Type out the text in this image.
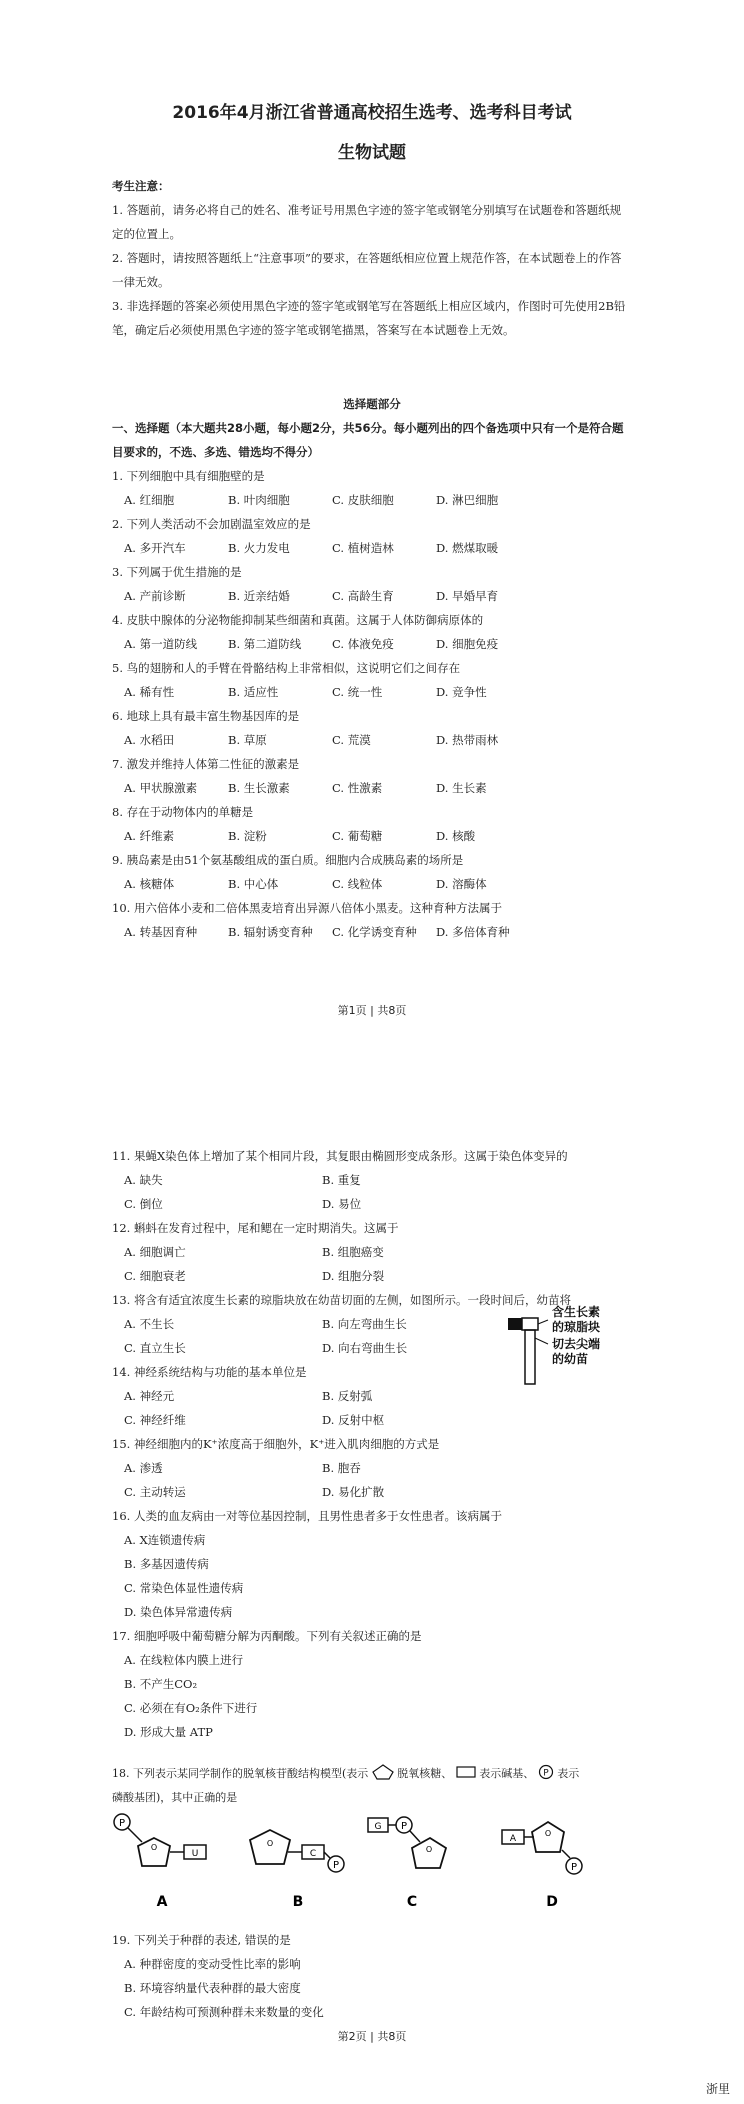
2016年4月浙江省普通高校招生选考、选考科目考试
生物试题
考生注意：
1. 答题前，请务必将自己的姓名、准考证号用黑色字迹的签字笔或钢笔分别填写在试题卷和答题纸规定的位置上。
2. 答题时，请按照答题纸上“注意事项”的要求，在答题纸相应位置上规范作答，在本试题卷上的作答一律无效。
3. 非选择题的答案必须使用黑色字迹的签字笔或钢笔写在答题纸上相应区域内，作图时可先使用2B铅笔，确定后必须使用黑色字迹的签字笔或钢笔描黑，答案写在本试题卷上无效。
选择题部分
一、选择题（本大题共28小题，每小题2分，共56分。每小题列出的四个备选项中只有一个是符合题目要求的，不选、多选、错选均不得分）
1. 下列细胞中具有细胞壁的是
A. 红细胞	B. 叶肉细胞	C. 皮肤细胞	D. 淋巴细胞
2. 下列人类活动不会加剧温室效应的是
A. 多开汽车	B. 火力发电	C. 植树造林	D. 燃煤取暖
3. 下列属于优生措施的是
A. 产前诊断	B. 近亲结婚	C. 高龄生育	D. 早婚早育
4. 皮肤中腺体的分泌物能抑制某些细菌和真菌。这属于人体防御病原体的
A. 第一道防线	B. 第二道防线	C. 体液免疫	D. 细胞免疫
5. 鸟的翅膀和人的手臂在骨骼结构上非常相似，这说明它们之间存在
A. 稀有性	B. 适应性	C. 统一性	D. 竞争性
6. 地球上具有最丰富生物基因库的是
A. 水稻田	B. 草原	C. 荒漠	D. 热带雨林
7. 激发并维持人体第二性征的激素是
A. 甲状腺激素	B. 生长激素	C. 性激素	D. 生长素
8. 存在于动物体内的单糖是
A. 纤维素	B. 淀粉	C. 葡萄糖	D. 核酸
9. 胰岛素是由51个氨基酸组成的蛋白质。细胞内合成胰岛素的场所是
A. 核糖体	B. 中心体	C. 线粒体	D. 溶酶体
10. 用六倍体小麦和二倍体黑麦培育出异源八倍体小黑麦。这种育种方法属于
A. 转基因育种	B. 辐射诱变育种	C. 化学诱变育种	D. 多倍体育种
第1页 | 共8页
11. 果蝇X染色体上增加了某个相同片段，其复眼由椭圆形变成条形。这属于染色体变异的
A. 缺失	B. 重复
C. 倒位	D. 易位
12. 蝌蚪在发育过程中，尾和鳃在一定时期消失。这属于
A. 细胞调亡	B. 组胞癌变
C. 细胞衰老	D. 组胞分裂
13. 将含有适宜浓度生长素的琼脂块放在幼苗切面的左侧，如图所示。一段时间后，幼苗将
A. 不生长	B. 向左弯曲生长
C. 直立生长	D. 向右弯曲生长
14. 神经系统结构与功能的基本单位是
A. 神经元	B. 反射弧
C. 神经纤维	D. 反射中枢
15. 神经细胞内的K⁺浓度高于细胞外，K⁺进入肌肉细胞的方式是
A. 渗透	B. 胞吞
C. 主动转运	D. 易化扩散
16. 人类的血友病由一对等位基因控制，且男性患者多于女性患者。该病属于
A. X连锁遗传病
B. 多基因遗传病
C. 常染色体显性遗传病
D. 染色体异常遗传病
17. 细胞呼吸中葡萄糖分解为丙酮酸。下列有关叙述正确的是
A. 在线粒体内膜上进行
B. 不产生CO₂
C. 必须在有O₂条件下进行
D. 形成大量 ATP
含生长素
的琼脂块
切去尖端
的幼苗
18. 下列表示某同学制作的脱氧核苷酸结构模型(表示	脱氧核糖、 表示碱基、 P 表示
磷酸基团)，其中正确的是
P
O
U
A
O
C
P
B
G P
O
C
A
O
P
D
19. 下列关于种群的表述, 错误的是
A. 种群密度的变动受性比率的影响
B. 环境容纳量代表种群的最大密度
C. 年龄结构可预测种群未来数量的变化
第2页 | 共8页
浙里
